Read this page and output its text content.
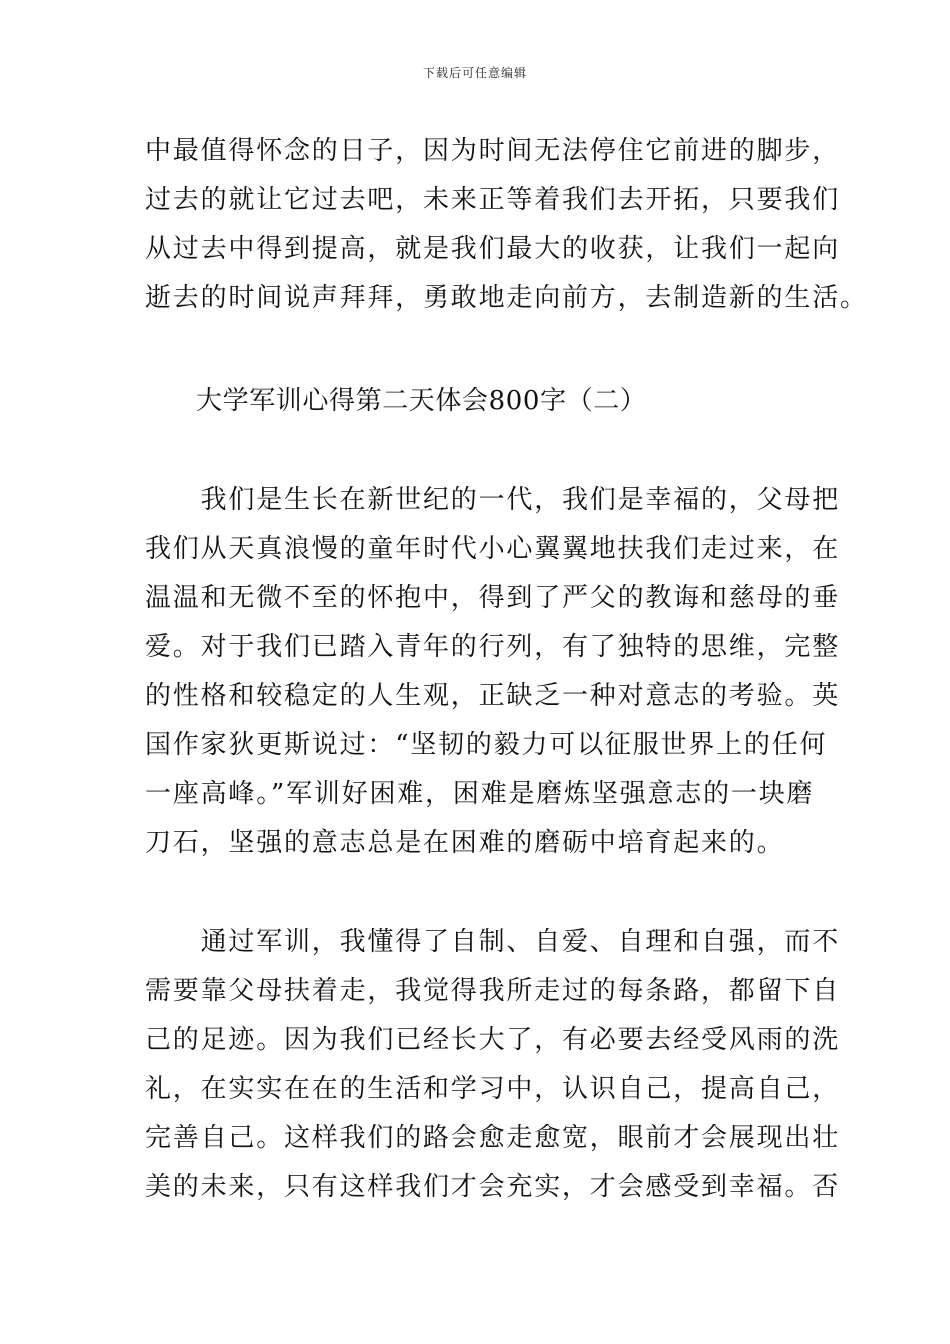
下载后可任意编辑
中最值得怀念的日子，因为时间无法停住它前进的脚步，
过去的就让它过去吧，未来正等着我们去开拓，只要我们
从过去中得到提高，就是我们最大的收获，让我们一起向
逝去的时间说声拜拜，勇敢地走向前方，去制造新的生活。
大学军训心得第二天体会800字（二）
　　我们是生长在新世纪的一代，我们是幸福的，父母把
我们从天真浪慢的童年时代小心翼翼地扶我们走过来，在
温温和无微不至的怀抱中，得到了严父的教诲和慈母的垂
爱。对于我们已踏入青年的行列，有了独特的思维，完整
的性格和较稳定的人生观，正缺乏一种对意志的考验。英
国作家狄更斯说过：“坚韧的毅力可以征服世界上的任何
一座高峰。”军训好困难，困难是磨炼坚强意志的一块磨
刀石，坚强的意志总是在困难的磨砺中培育起来的。
　　通过军训，我懂得了自制、自爱、自理和自强，而不
需要靠父母扶着走，我觉得我所走过的每条路，都留下自
己的足迹。因为我们已经长大了，有必要去经受风雨的洗
礼，在实实在在的生活和学习中，认识自己，提高自己，
完善自己。这样我们的路会愈走愈宽，眼前才会展现出壮
美的未来，只有这样我们才会充实，才会感受到幸福。否
